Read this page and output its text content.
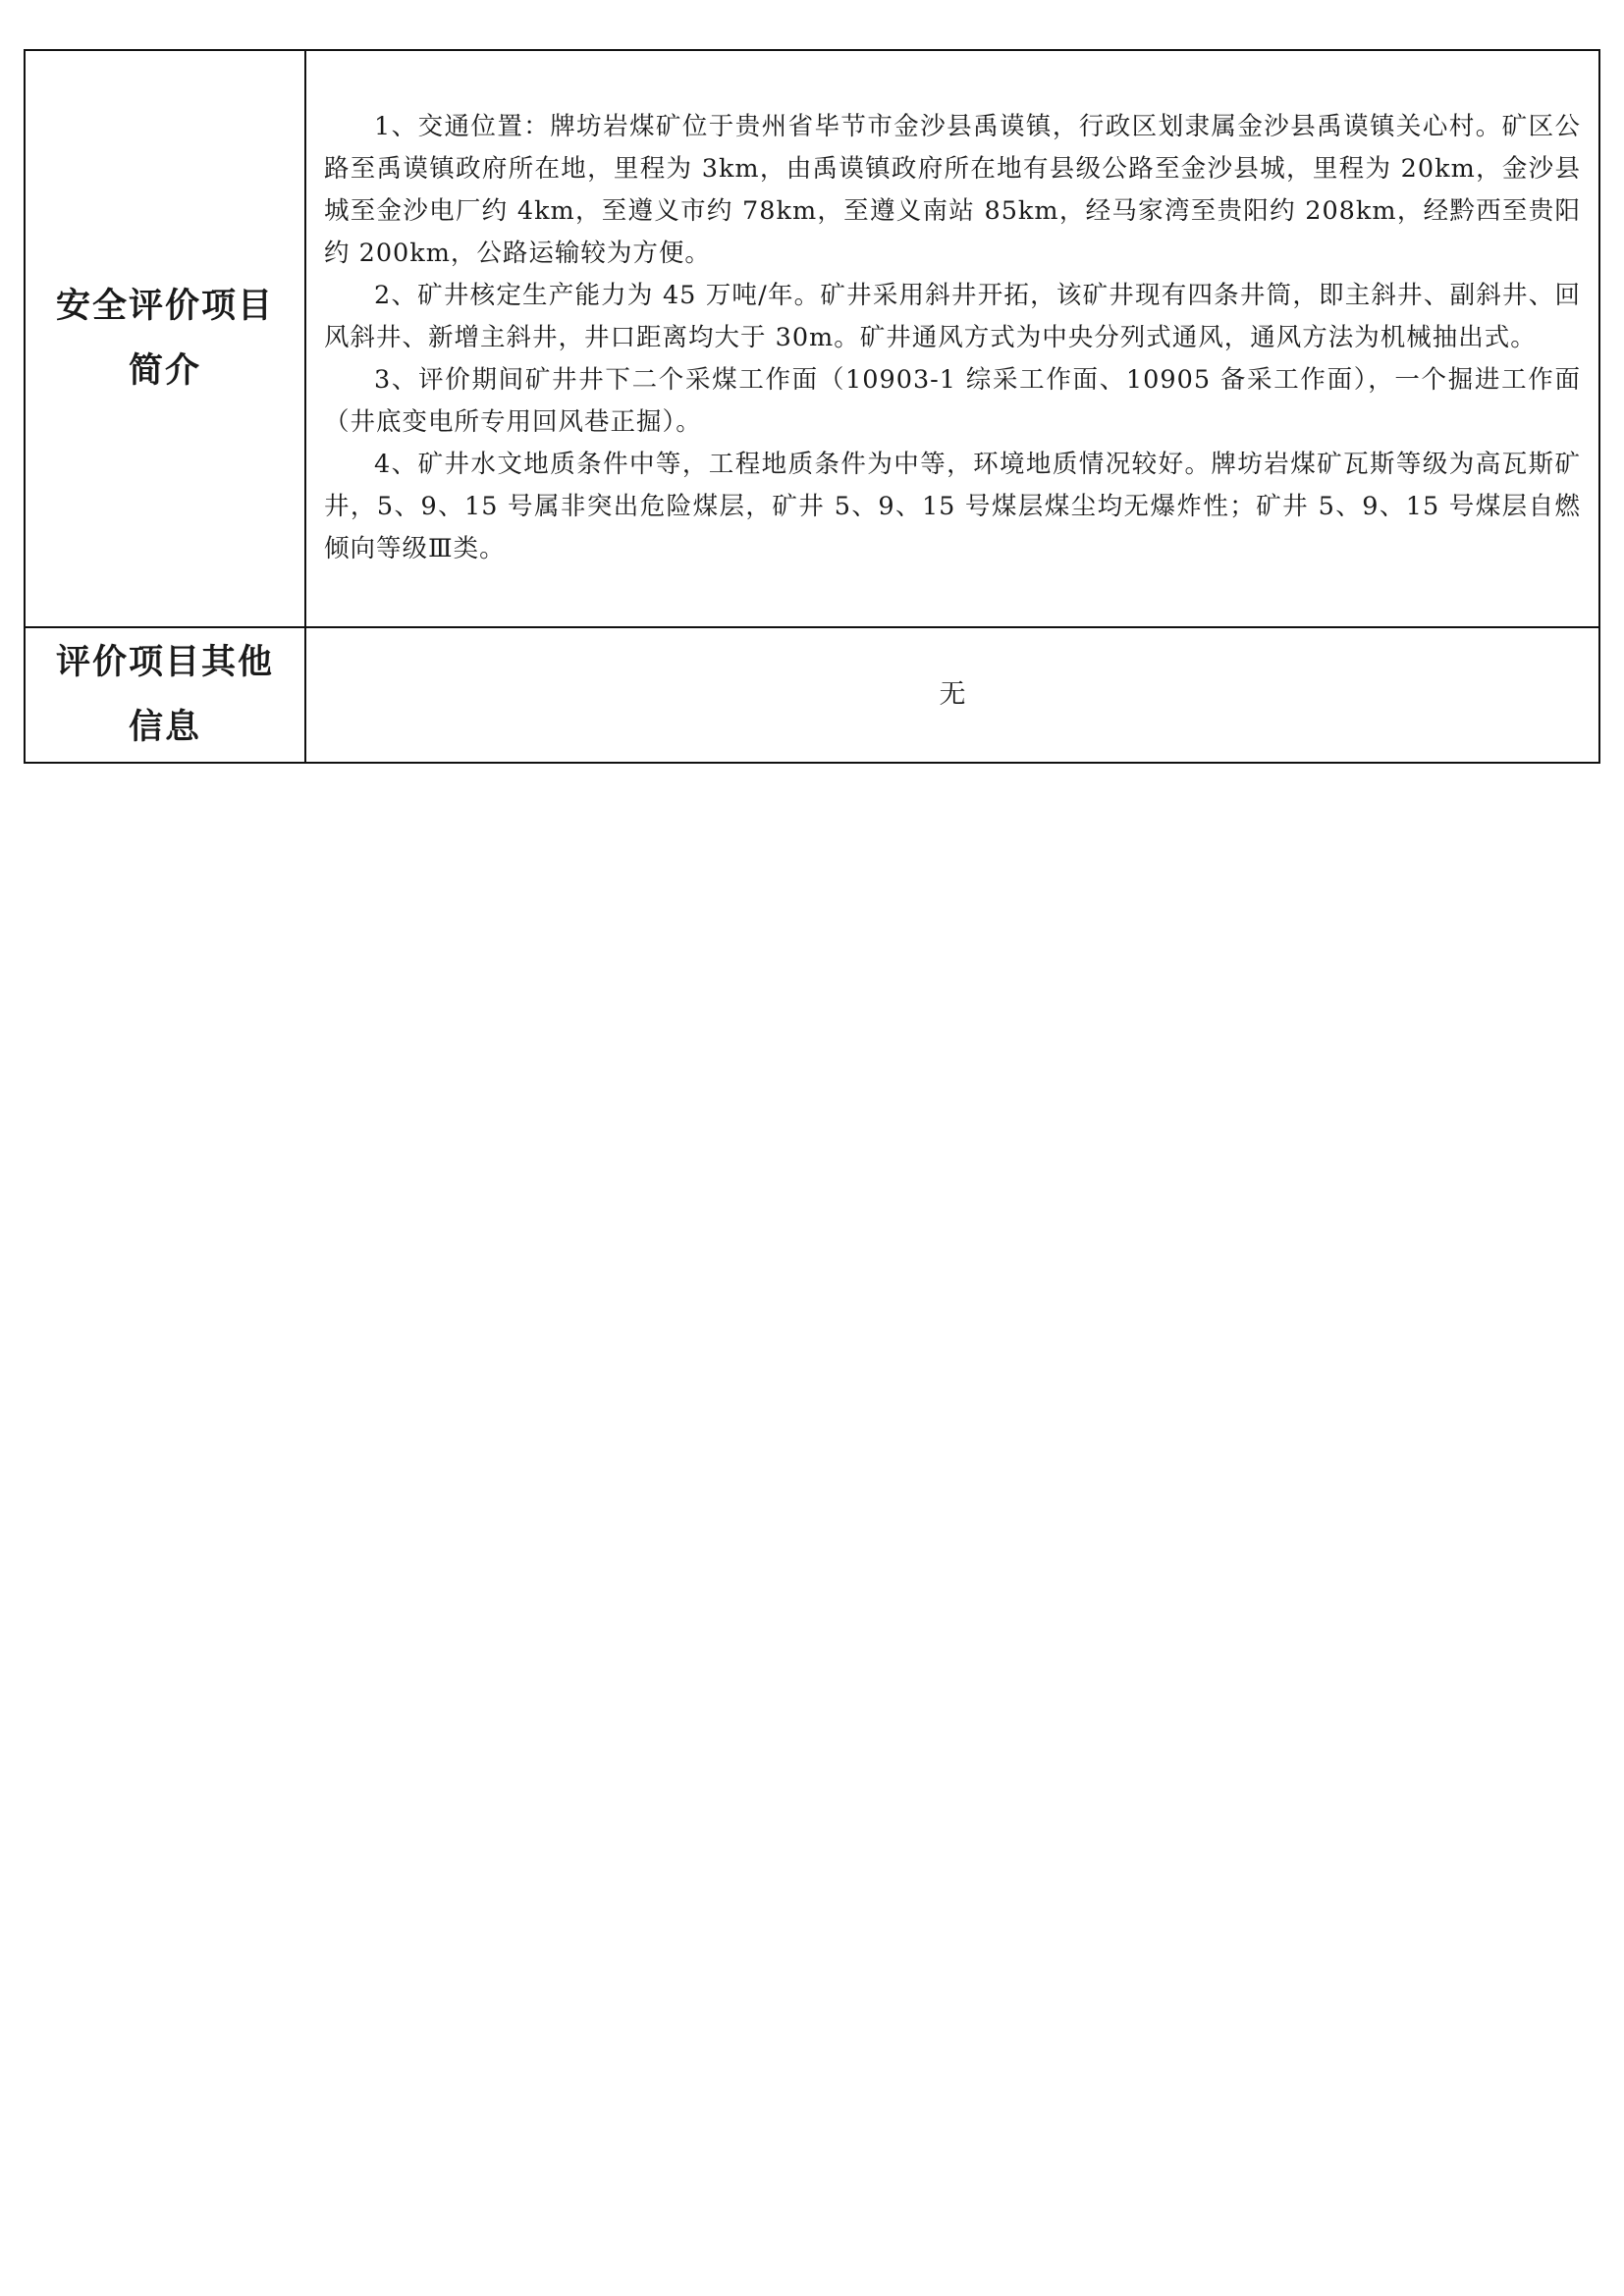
安全评价项目简介	1、交通位置：牌坊岩煤矿位于贵州省毕节市金沙县禹谟镇，行政区划隶属金沙县禹谟镇关心村。矿区公路至禹谟镇政府所在地，里程为 3km，由禹谟镇政府所在地有县级公路至金沙县城，里程为 20km，金沙县城至金沙电厂约 4km，至遵义市约 78km，至遵义南站 85km，经马家湾至贵阳约 208km，经黔西至贵阳约 200km，公路运输较为方便。

2、矿井核定生产能力为 45 万吨/年。矿井采用斜井开拓，该矿井现有四条井筒，即主斜井、副斜井、回风斜井、新增主斜井，井口距离均大于 30m。矿井通风方式为中央分列式通风，通风方法为机械抽出式。

3、评价期间矿井井下二个采煤工作面（10903-1 综采工作面、10905 备采工作面），一个掘进工作面（井底变电所专用回风巷正掘）。

4、矿井水文地质条件中等，工程地质条件为中等，环境地质情况较好。牌坊岩煤矿瓦斯等级为高瓦斯矿井，5、9、15 号属非突出危险煤层，矿井 5、9、15 号煤层煤尘均无爆炸性；矿井 5、9、15 号煤层自燃倾向等级Ⅲ类。

评价项目其他信息	无
